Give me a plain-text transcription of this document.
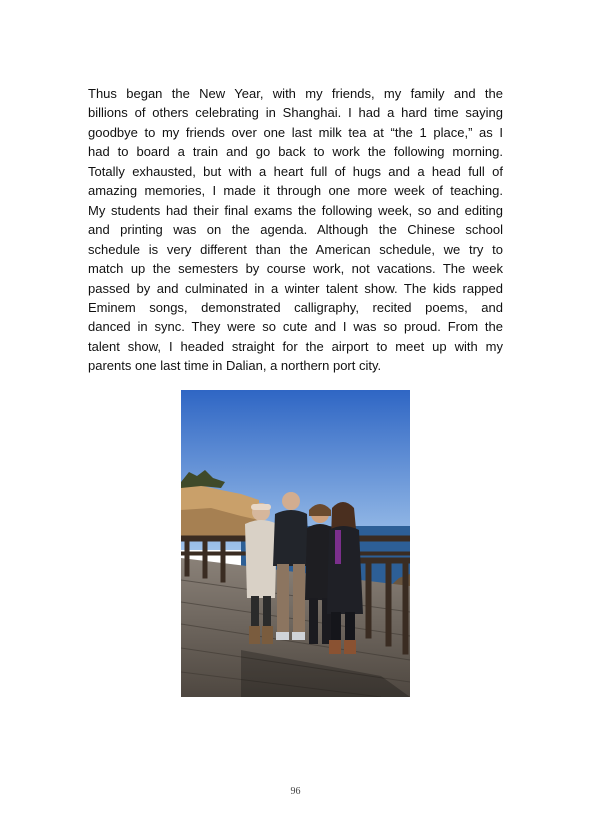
Thus began the New Year, with my friends, my family and the
billions of others celebrating in Shanghai. I had a hard time saying
goodbye to my friends over one last milk tea at “the 1 place,” as I
had to board a train and go back to work the following morning.
Totally exhausted, but with a heart full of hugs and a head full of
amazing memories, I made it through one more week of teaching.
My students had their final exams the following week, so and editing
and printing was on the agenda. Although the Chinese school
schedule is very different than the American schedule, we try to
match up the semesters by course work, not vacations. The week
passed by and culminated in a winter talent show. The kids rapped
Eminem songs, demonstrated calligraphy, recited poems, and
danced in sync. They were so cute and I was so proud. From the
talent show, I headed straight for the airport to meet up with my
parents one last time in Dalian, a northern port city.
96
